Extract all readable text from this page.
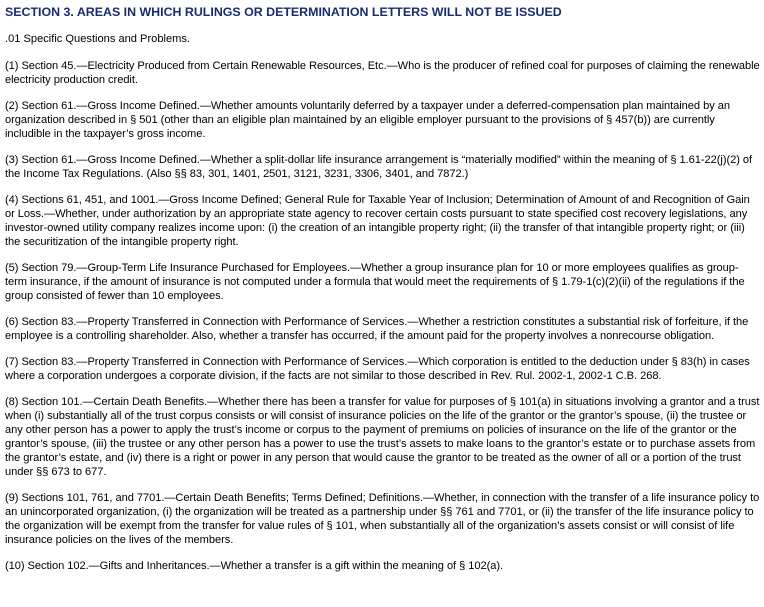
SECTION 3. AREAS IN WHICH RULINGS OR DETERMINATION LETTERS WILL NOT BE ISSUED

.01 Specific Questions and Problems.

(1) Section 45.—Electricity Produced from Certain Renewable Resources, Etc.—Who is the producer of refined coal for purposes of claiming the renewable electricity production credit.

(2) Section 61.—Gross Income Defined.—Whether amounts voluntarily deferred by a taxpayer under a deferred-compensation plan maintained by an organization described in § 501 (other than an eligible plan maintained by an eligible employer pursuant to the provisions of § 457(b)) are currently includible in the taxpayer’s gross income.

(3) Section 61.—Gross Income Defined.—Whether a split-dollar life insurance arrangement is “materially modified” within the meaning of § 1.61-22(j)(2) of the Income Tax Regulations. (Also §§ 83, 301, 1401, 2501, 3121, 3231, 3306, 3401, and 7872.)

(4) Sections 61, 451, and 1001.—Gross Income Defined; General Rule for Taxable Year of Inclusion; Determination of Amount of and Recognition of Gain or Loss.—Whether, under authorization by an appropriate state agency to recover certain costs pursuant to state specified cost recovery legislations, any investor-owned utility company realizes income upon: (i) the creation of an intangible property right; (ii) the transfer of that intangible property right; or (iii) the securitization of the intangible property right.

(5) Section 79.—Group-Term Life Insurance Purchased for Employees.—Whether a group insurance plan for 10 or more employees qualifies as group-term insurance, if the amount of insurance is not computed under a formula that would meet the requirements of § 1.79-1(c)(2)(ii) of the regulations if the group consisted of fewer than 10 employees.

(6) Section 83.—Property Transferred in Connection with Performance of Services.—Whether a restriction constitutes a substantial risk of forfeiture, if the employee is a controlling shareholder. Also, whether a transfer has occurred, if the amount paid for the property involves a nonrecourse obligation.

(7) Section 83.—Property Transferred in Connection with Performance of Services.—Which corporation is entitled to the deduction under § 83(h) in cases where a corporation undergoes a corporate division, if the facts are not similar to those described in Rev. Rul. 2002-1, 2002-1 C.B. 268.

(8) Section 101.—Certain Death Benefits.—Whether there has been a transfer for value for purposes of § 101(a) in situations involving a grantor and a trust when (i) substantially all of the trust corpus consists or will consist of insurance policies on the life of the grantor or the grantor’s spouse, (ii) the trustee or any other person has a power to apply the trust’s income or corpus to the payment of premiums on policies of insurance on the life of the grantor or the grantor’s spouse, (iii) the trustee or any other person has a power to use the trust’s assets to make loans to the grantor’s estate or to purchase assets from the grantor’s estate, and (iv) there is a right or power in any person that would cause the grantor to be treated as the owner of all or a portion of the trust under §§ 673 to 677.

(9) Sections 101, 761, and 7701.—Certain Death Benefits; Terms Defined; Definitions.—Whether, in connection with the transfer of a life insurance policy to an unincorporated organization, (i) the organization will be treated as a partnership under §§ 761 and 7701, or (ii) the transfer of the life insurance policy to the organization will be exempt from the transfer for value rules of § 101, when substantially all of the organization’s assets consist or will consist of life insurance policies on the lives of the members.

(10) Section 102.—Gifts and Inheritances.—Whether a transfer is a gift within the meaning of § 102(a).
